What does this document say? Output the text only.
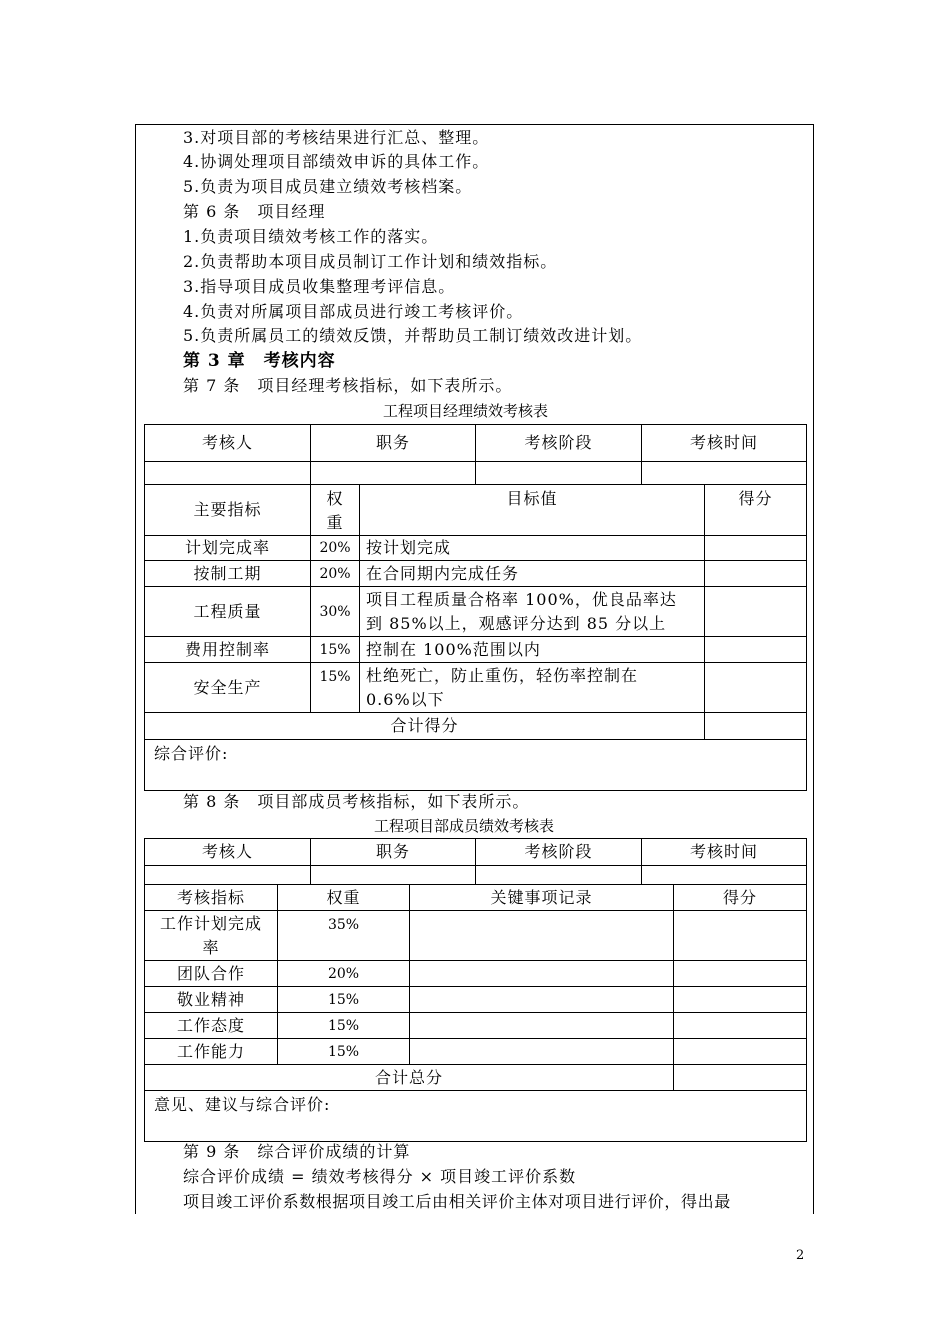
3.对项目部的考核结果进行汇总、整理。
4.协调处理项目部绩效申诉的具体工作。
5.负责为项目成员建立绩效考核档案。
第 6 条　项目经理
1.负责项目绩效考核工作的落实。
2.负责帮助本项目成员制订工作计划和绩效指标。
3.指导项目成员收集整理考评信息。
4.负责对所属项目部成员进行竣工考核评价。
5.负责所属员工的绩效反馈，并帮助员工制订绩效改进计划。
第 3 章　考核内容
第 7 条　项目经理考核指标，如下表所示。
工程项目经理绩效考核表
考核人	职务	考核阶段	考核时间

主要指标	权重	目标值	得分
计划完成率	20%	按计划完成	
按制工期	20%	在合同期内完成任务	
工程质量	30%	项目工程质量合格率 100%，优良品率达
到 85%以上，观感评分达到 85 分以上	

费用控制率	15%	控制在 100%范围以内	
安全生产	15%	杜绝死亡，防止重伤，轻伤率控制在
0.6%以下	

合计得分			
综合评价:			
第 8 条　项目部成员考核指标，如下表所示。
工程项目部成员绩效考核表
考核人	职务	考核阶段	考核时间

考核指标	权重	关键事项记录	得分

工作计划完成
率	35%		
团队合作	20%		
敬业精神	15%		
工作态度	15%		
工作能力	15%		
合计总分			
意见、建议与综合评价:			
第 9 条　综合评价成绩的计算
综合评价成绩 = 绩效考核得分 × 项目竣工评价系数
项目竣工评价系数根据项目竣工后由相关评价主体对项目进行评价，得出最
2
